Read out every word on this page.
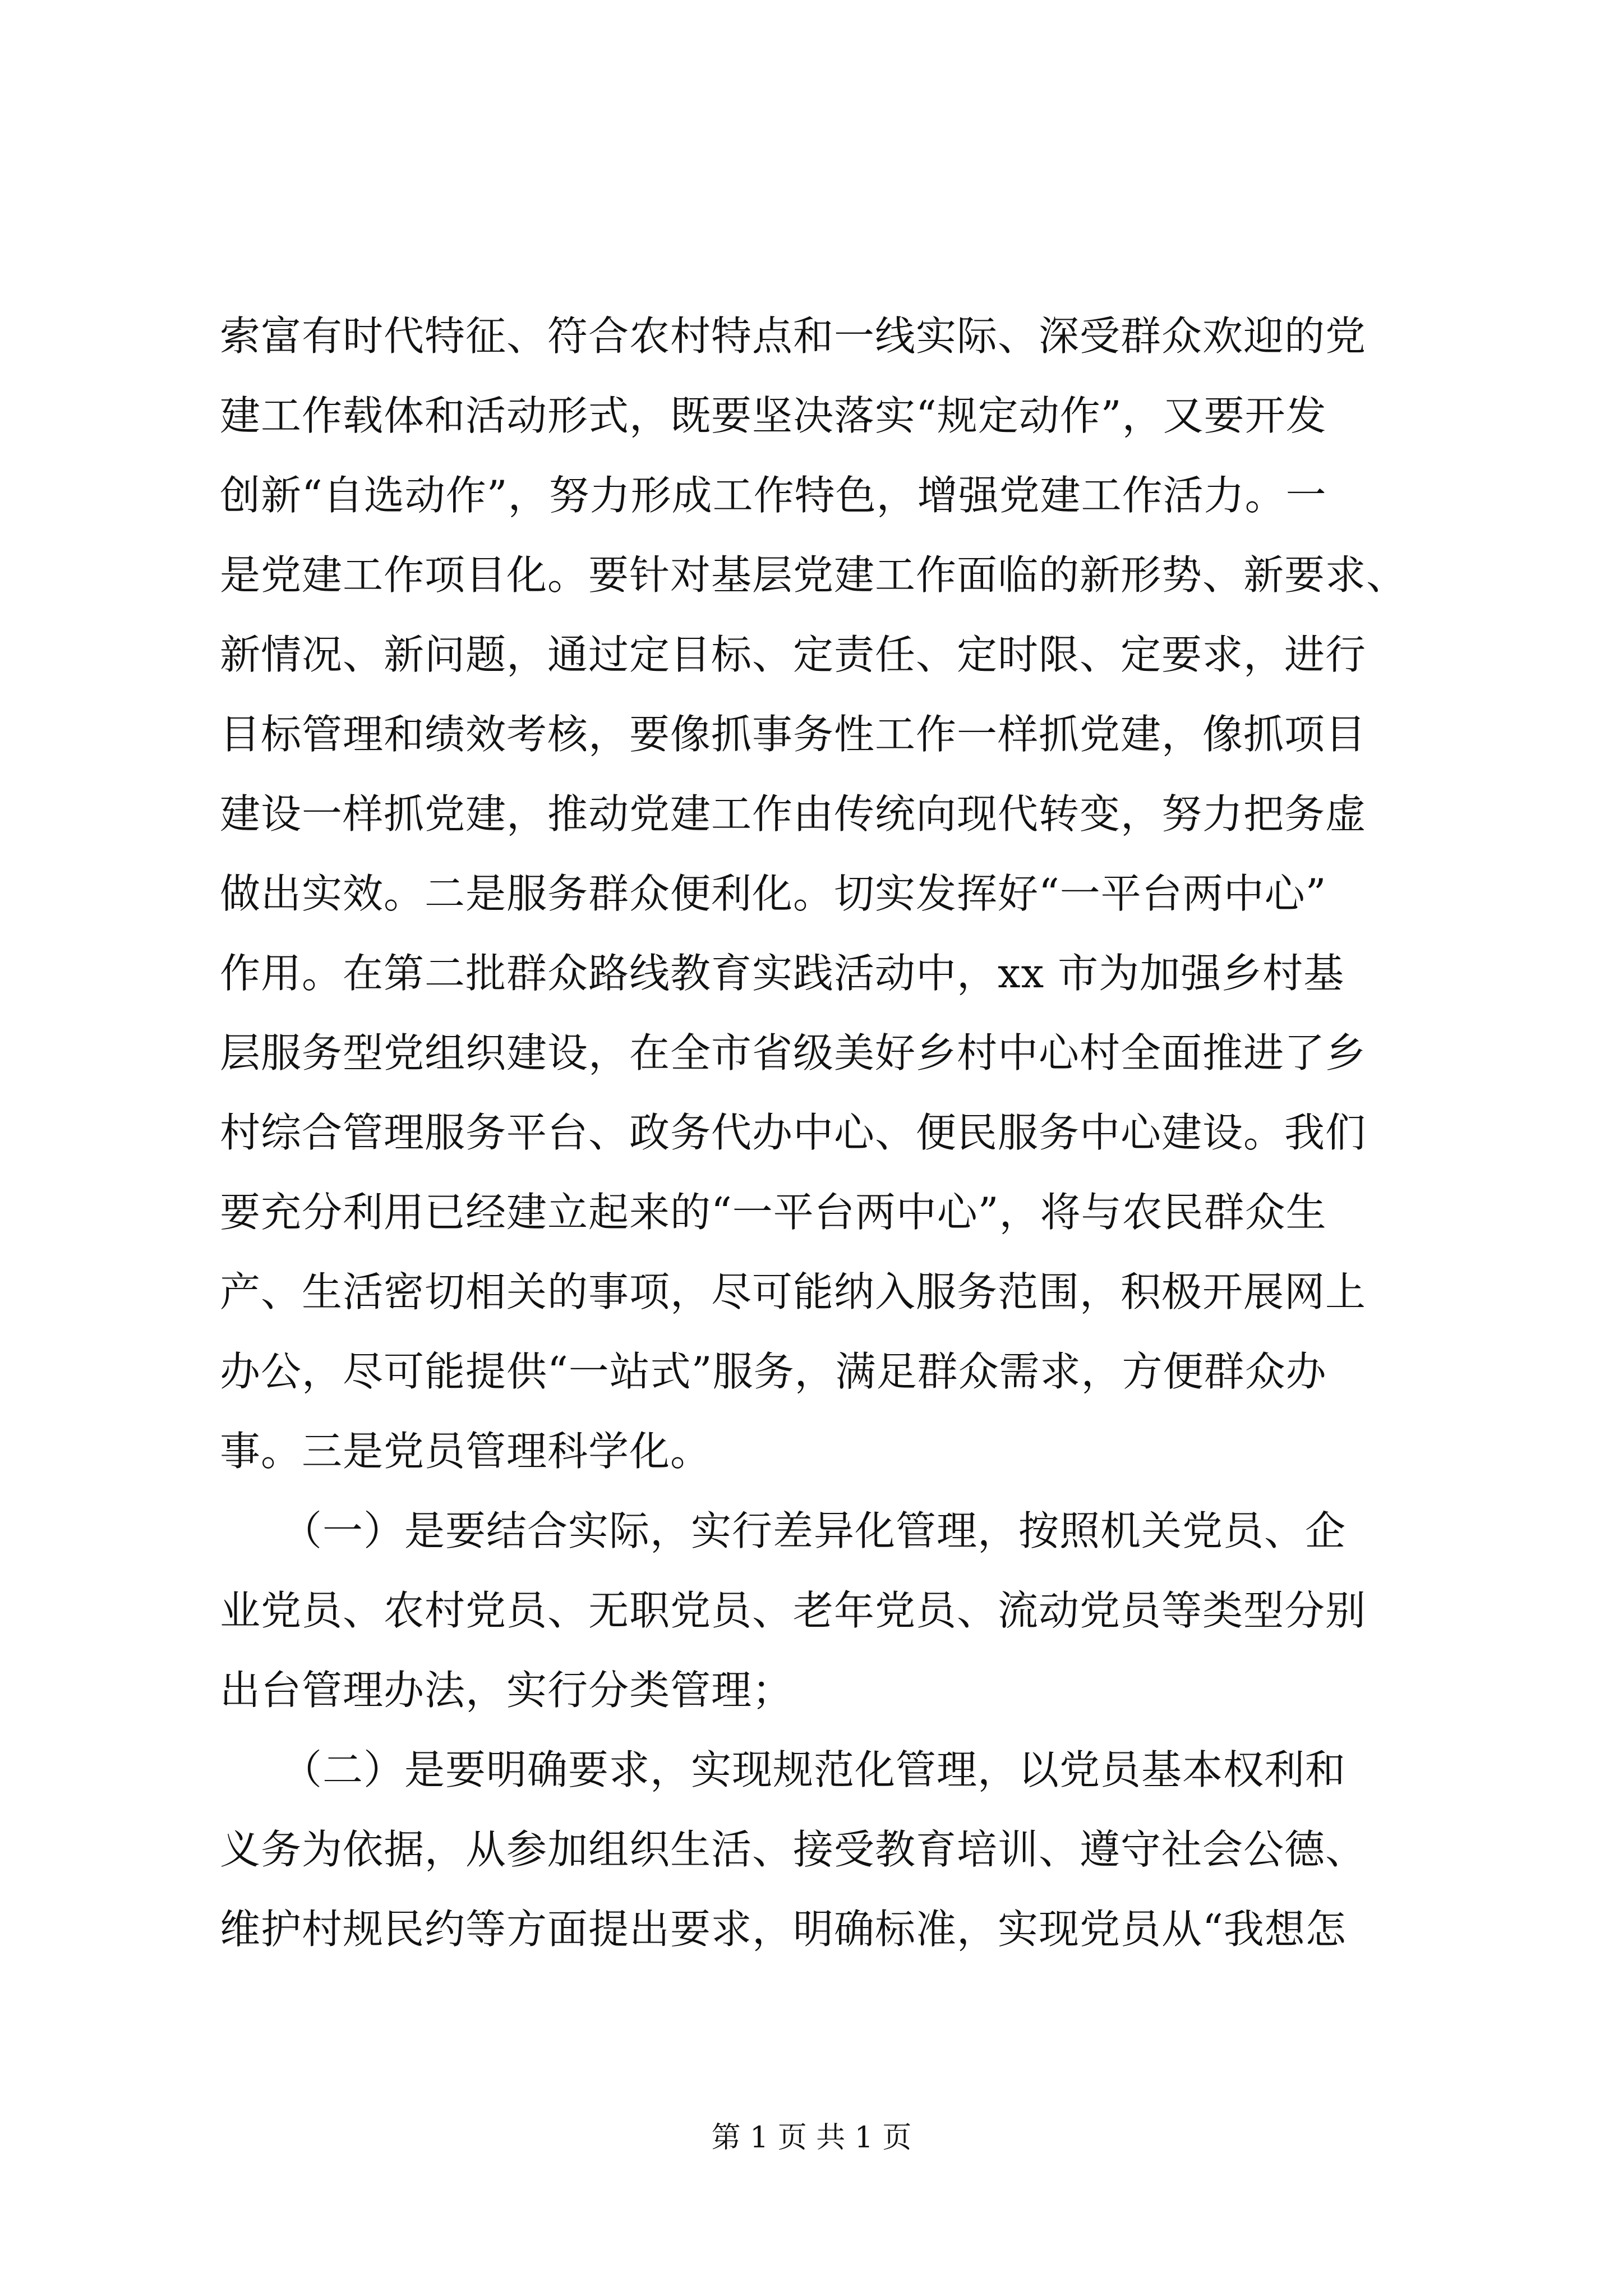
索富有时代特征、符合农村特点和一线实际、深受群众欢迎的党
建工作载体和活动形式，既要坚决落实“规定动作”，又要开发
创新“自选动作”，努力形成工作特色，增强党建工作活力。一
是党建工作项目化。要针对基层党建工作面临的新形势、新要求、
新情况、新问题，通过定目标、定责任、定时限、定要求，进行
目标管理和绩效考核，要像抓事务性工作一样抓党建，像抓项目
建设一样抓党建，推动党建工作由传统向现代转变，努力把务虚
做出实效。二是服务群众便利化。切实发挥好“一平台两中心”
作用。在第二批群众路线教育实践活动中，xx 市为加强乡村基
层服务型党组织建设，在全市省级美好乡村中心村全面推进了乡
村综合管理服务平台、政务代办中心、便民服务中心建设。我们
要充分利用已经建立起来的“一平台两中心”，将与农民群众生
产、生活密切相关的事项，尽可能纳入服务范围，积极开展网上
办公，尽可能提供“一站式”服务，满足群众需求，方便群众办
事。三是党员管理科学化。
　　（一）是要结合实际，实行差异化管理，按照机关党员、企
业党员、农村党员、无职党员、老年党员、流动党员等类型分别
出台管理办法，实行分类管理；
　　（二）是要明确要求，实现规范化管理，以党员基本权利和
义务为依据，从参加组织生活、接受教育培训、遵守社会公德、
维护村规民约等方面提出要求，明确标准，实现党员从“我想怎
第 1 页 共 1 页
